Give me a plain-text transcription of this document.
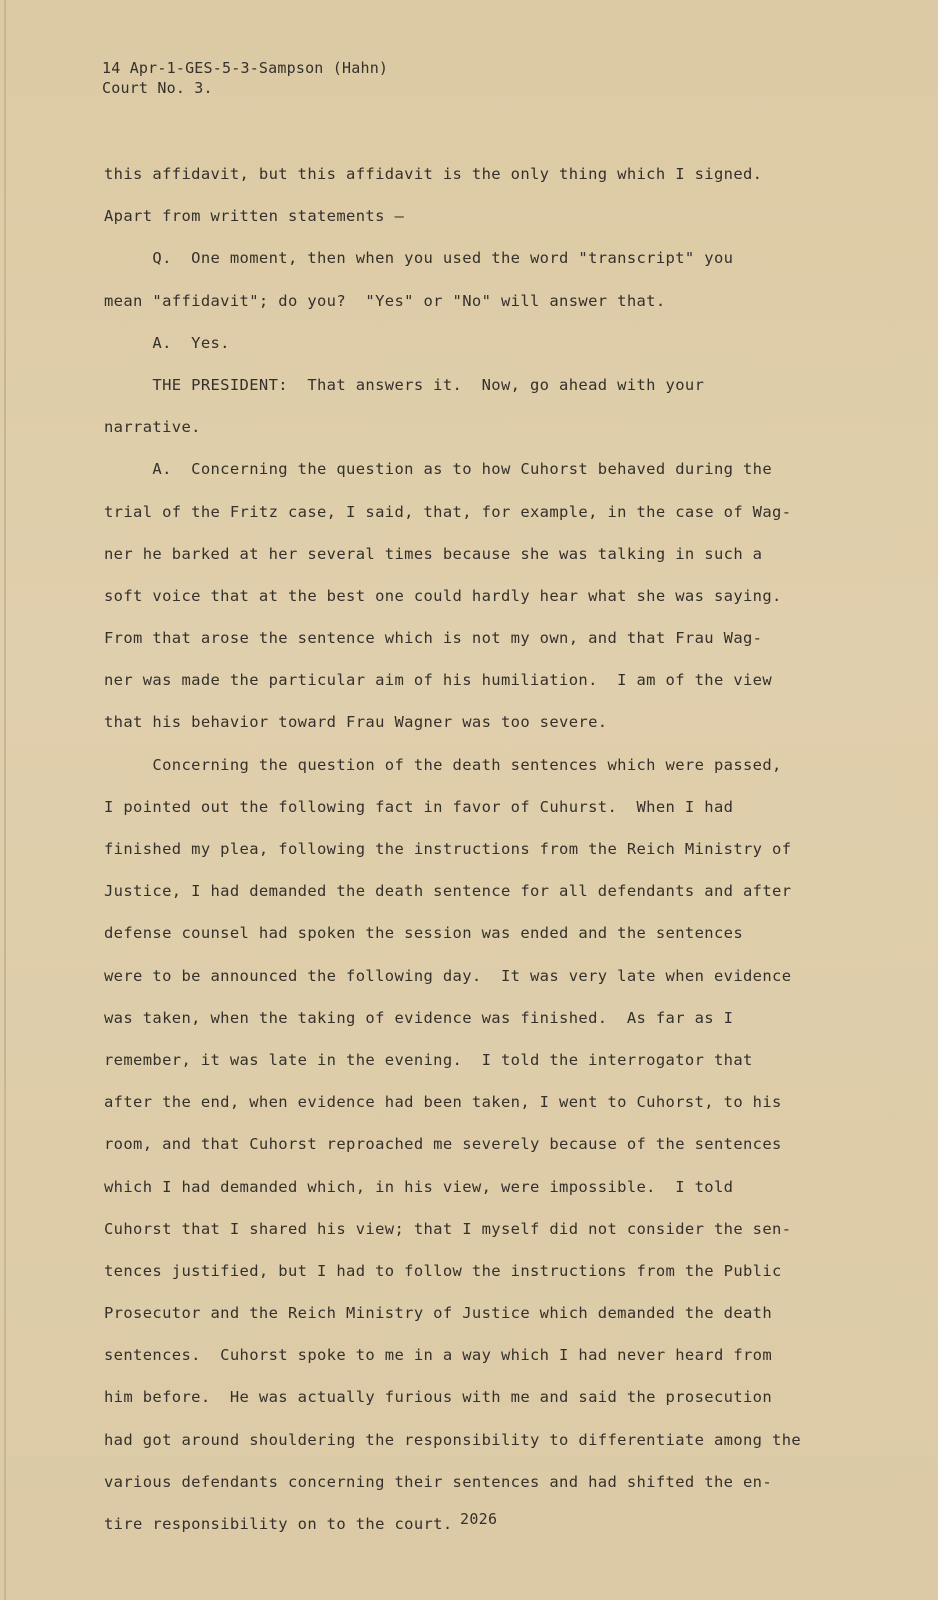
14 Apr-1-GES-5-3-Sampson (Hahn)
Court No. 3.
this affidavit, but this affidavit is the only thing which I signed.
Apart from written statements —
Q.  One moment, then when you used the word "transcript" you
mean "affidavit"; do you?  "Yes" or "No" will answer that.
A.  Yes.
THE PRESIDENT:  That answers it.  Now, go ahead with your
narrative.
A.  Concerning the question as to how Cuhorst behaved during the
trial of the Fritz case, I said, that, for example, in the case of Wag-
ner he barked at her several times because she was talking in such a
soft voice that at the best one could hardly hear what she was saying.
From that arose the sentence which is not my own, and that Frau Wag-
ner was made the particular aim of his humiliation.  I am of the view
that his behavior toward Frau Wagner was too severe.
Concerning the question of the death sentences which were passed,
I pointed out the following fact in favor of Cuhurst.  When I had
finished my plea, following the instructions from the Reich Ministry of
Justice, I had demanded the death sentence for all defendants and after
defense counsel had spoken the session was ended and the sentences
were to be announced the following day.  It was very late when evidence
was taken, when the taking of evidence was finished.  As far as I
remember, it was late in the evening.  I told the interrogator that
after the end, when evidence had been taken, I went to Cuhorst, to his
room, and that Cuhorst reproached me severely because of the sentences
which I had demanded which, in his view, were impossible.  I told
Cuhorst that I shared his view; that I myself did not consider the sen-
tences justified, but I had to follow the instructions from the Public
Prosecutor and the Reich Ministry of Justice which demanded the death
sentences.  Cuhorst spoke to me in a way which I had never heard from
him before.  He was actually furious with me and said the prosecution
had got around shouldering the responsibility to differentiate among the
various defendants concerning their sentences and had shifted the en-
tire responsibility on to the court. 2026
